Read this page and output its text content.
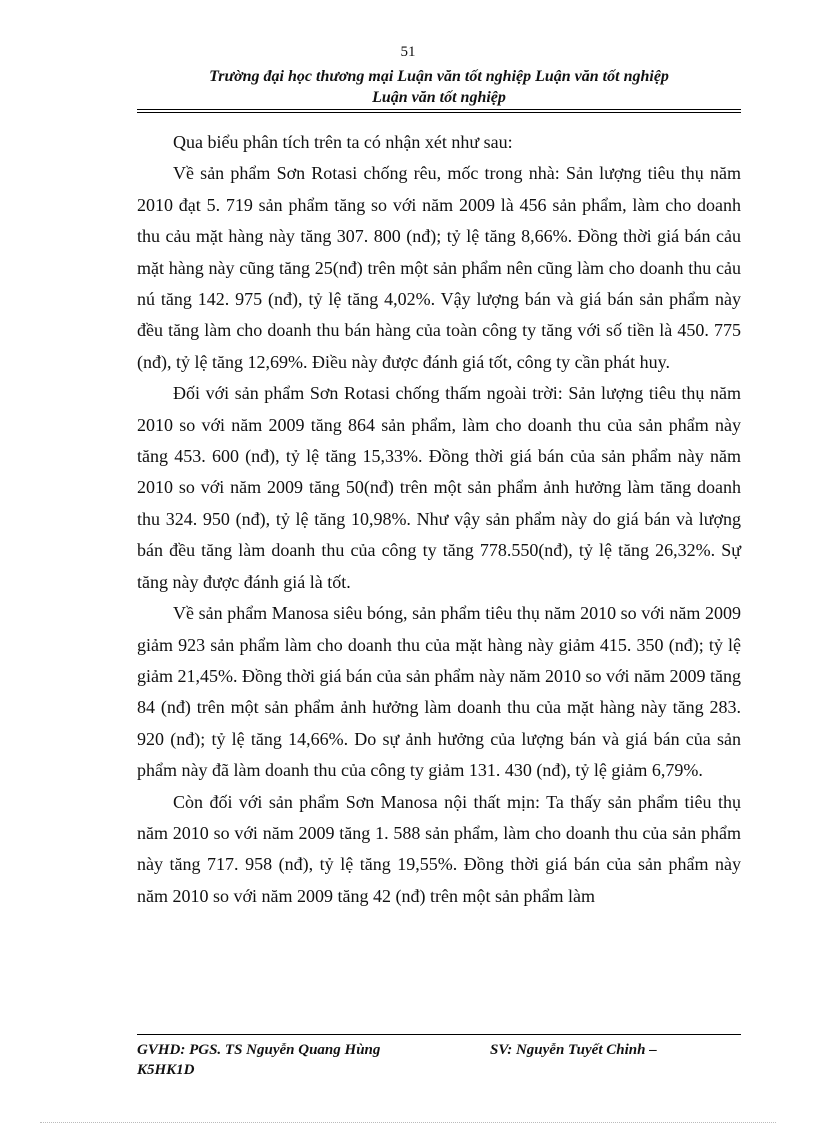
51
Trường đại học thương mại Luận văn tốt nghiệp Luận văn tốt nghiệp
Luận văn tốt nghiệp

Qua biểu phân tích trên ta có nhận xét như sau:

Về sản phẩm Sơn Rotasi chống rêu, mốc trong nhà: Sản lượng tiêu thụ năm 2010 đạt 5. 719 sản phẩm tăng so với năm 2009 là 456 sản phẩm, làm cho doanh thu cảu mặt hàng này tăng 307. 800 (nđ); tỷ lệ tăng 8,66%. Đồng thời giá bán cảu mặt hàng này cũng tăng 25(nđ) trên một sản phẩm nên cũng làm cho doanh thu cảu nú tăng 142. 975 (nđ), tỷ lệ tăng 4,02%. Vậy lượng bán và giá bán sản phẩm này đều tăng làm cho doanh thu bán hàng của toàn công ty tăng với số tiền là 450. 775 (nđ), tỷ lệ tăng 12,69%. Điều này được đánh giá tốt, công ty cần phát huy.

Đối với sản phẩm Sơn Rotasi chống thấm ngoài trời: Sản lượng tiêu thụ năm 2010 so với năm 2009 tăng 864 sản phẩm, làm cho doanh thu của sản phẩm này tăng 453. 600 (nđ), tỷ lệ tăng 15,33%. Đồng thời giá bán của sản phẩm này năm 2010 so với năm 2009 tăng 50(nđ) trên một sản phẩm ảnh hưởng làm tăng doanh thu 324. 950 (nđ), tỷ lệ tăng 10,98%. Như vậy sản phẩm này do giá bán và lượng bán đều tăng làm doanh thu của công ty tăng 778.550(nđ), tỷ lệ tăng 26,32%. Sự tăng này được đánh giá là tốt.

Về sản phẩm Manosa siêu bóng, sản phẩm tiêu thụ năm 2010 so với năm 2009 giảm 923 sản phẩm làm cho doanh thu của mặt hàng này giảm 415. 350 (nđ); tỷ lệ giảm 21,45%. Đồng thời giá bán của sản phẩm này năm 2010 so với năm 2009 tăng 84 (nđ) trên một sản phẩm ảnh hưởng làm doanh thu của mặt hàng này tăng 283. 920 (nđ); tỷ lệ tăng 14,66%. Do sự ảnh hưởng của lượng bán và giá bán của sản phẩm này đã làm doanh thu của công ty giảm 131. 430 (nđ), tỷ lệ giảm 6,79%.

Còn đối với sản phẩm Sơn Manosa nội thất mịn: Ta thấy sản phẩm tiêu thụ năm 2010 so với năm 2009 tăng 1. 588 sản phẩm, làm cho doanh thu của sản phẩm này tăng 717. 958 (nđ), tỷ lệ tăng 19,55%. Đồng thời giá bán của sản phẩm này năm 2010 so với năm 2009 tăng 42 (nđ) trên một sản phẩm làm

GVHD: PGS. TS Nguyễn Quang Hùng	SV: Nguyễn Tuyết Chinh –
K5HK1D
